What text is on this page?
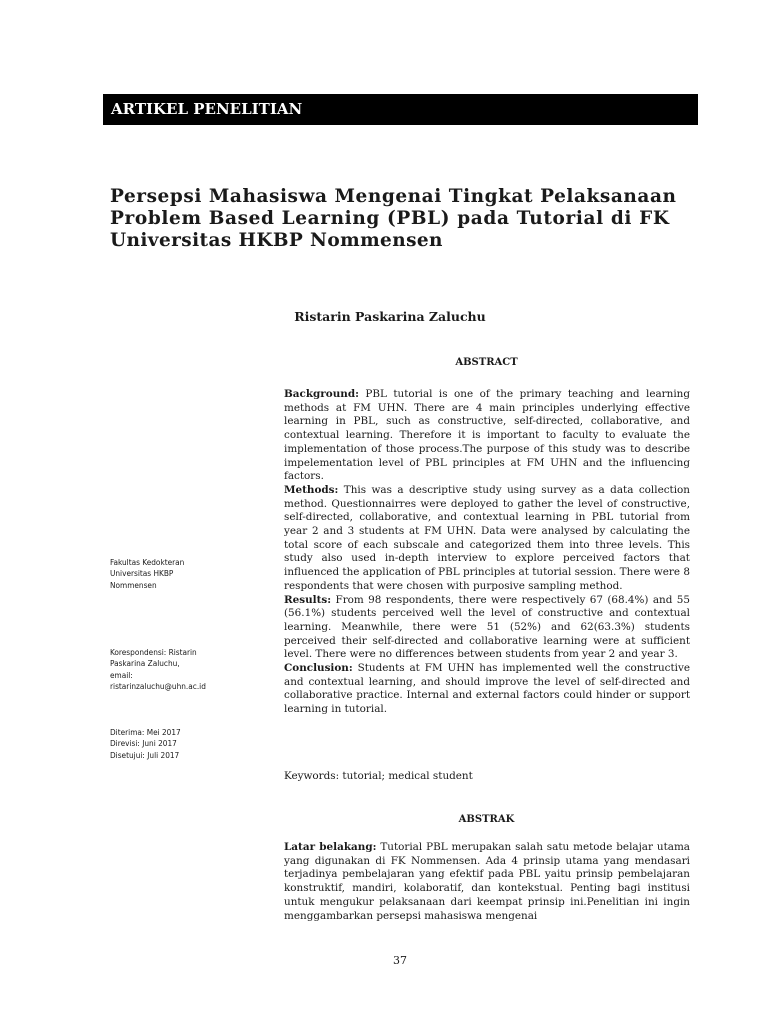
ARTIKEL PENELITIAN
Persepsi Mahasiswa Mengenai Tingkat Pelaksanaan
Problem Based Learning (PBL) pada Tutorial di FK
Universitas HKBP Nommensen
Ristarin Paskarina Zaluchu
ABSTRACT

Background: PBL tutorial is one of the primary teaching and learning methods at FM UHN. There are 4 main principles underlying effective learning in PBL, such as constructive, self-directed, collaborative, and contextual learning. Therefore it is important to faculty to evaluate the implementation of those process.The purpose of this study was to describe impelementation level of PBL principles at FM UHN and the influencing factors.

Methods: This was a descriptive study using survey as a data collection method. Questionnairres were deployed to gather the level of constructive, self-directed, collaborative, and contextual learning in PBL tutorial from year 2 and 3 students at FM UHN. Data were analysed by calculating the total score of each subscale and categorized them into three levels. This study also used in-depth interview to explore perceived factors that influenced the application of PBL principles at tutorial session. There were 8 respondents that were chosen with purposive sampling method.

Results: From 98 respondents, there were respectively 67 (68.4%) and 55 (56.1%) students perceived well the level of constructive and contextual learning. Meanwhile, there were 51 (52%) and 62(63.3%) students perceived their self-directed and collaborative learning were at sufficient level. There were no differences between students from year 2 and year 3.

Conclusion: Students at FM UHN has implemented well the constructive and contextual learning, and should improve the level of self-directed and collaborative practice. Internal and external factors could hinder or support learning in tutorial.

Keywords: tutorial; medical student
ABSTRAK
Latar belakang: Tutorial PBL merupakan salah satu metode belajar utama yang digunakan di FK Nommensen. Ada 4 prinsip utama yang mendasari terjadinya pembelajaran yang efektif pada PBL yaitu prinsip pembelajaran konstruktif, mandiri, kolaboratif, dan kontekstual. Penting bagi institusi untuk mengukur pelaksanaan dari keempat prinsip ini.Penelitian ini ingin menggambarkan persepsi mahasiswa mengenai
Fakultas Kedokteran
Universitas HKBP
Nommensen
Korespondensi: Ristarin
Paskarina Zaluchu,
email:
ristarinzaluchu@uhn.ac.id
Diterima: Mei 2017
Direvisi: Juni 2017
Disetujui: Juli 2017
37
